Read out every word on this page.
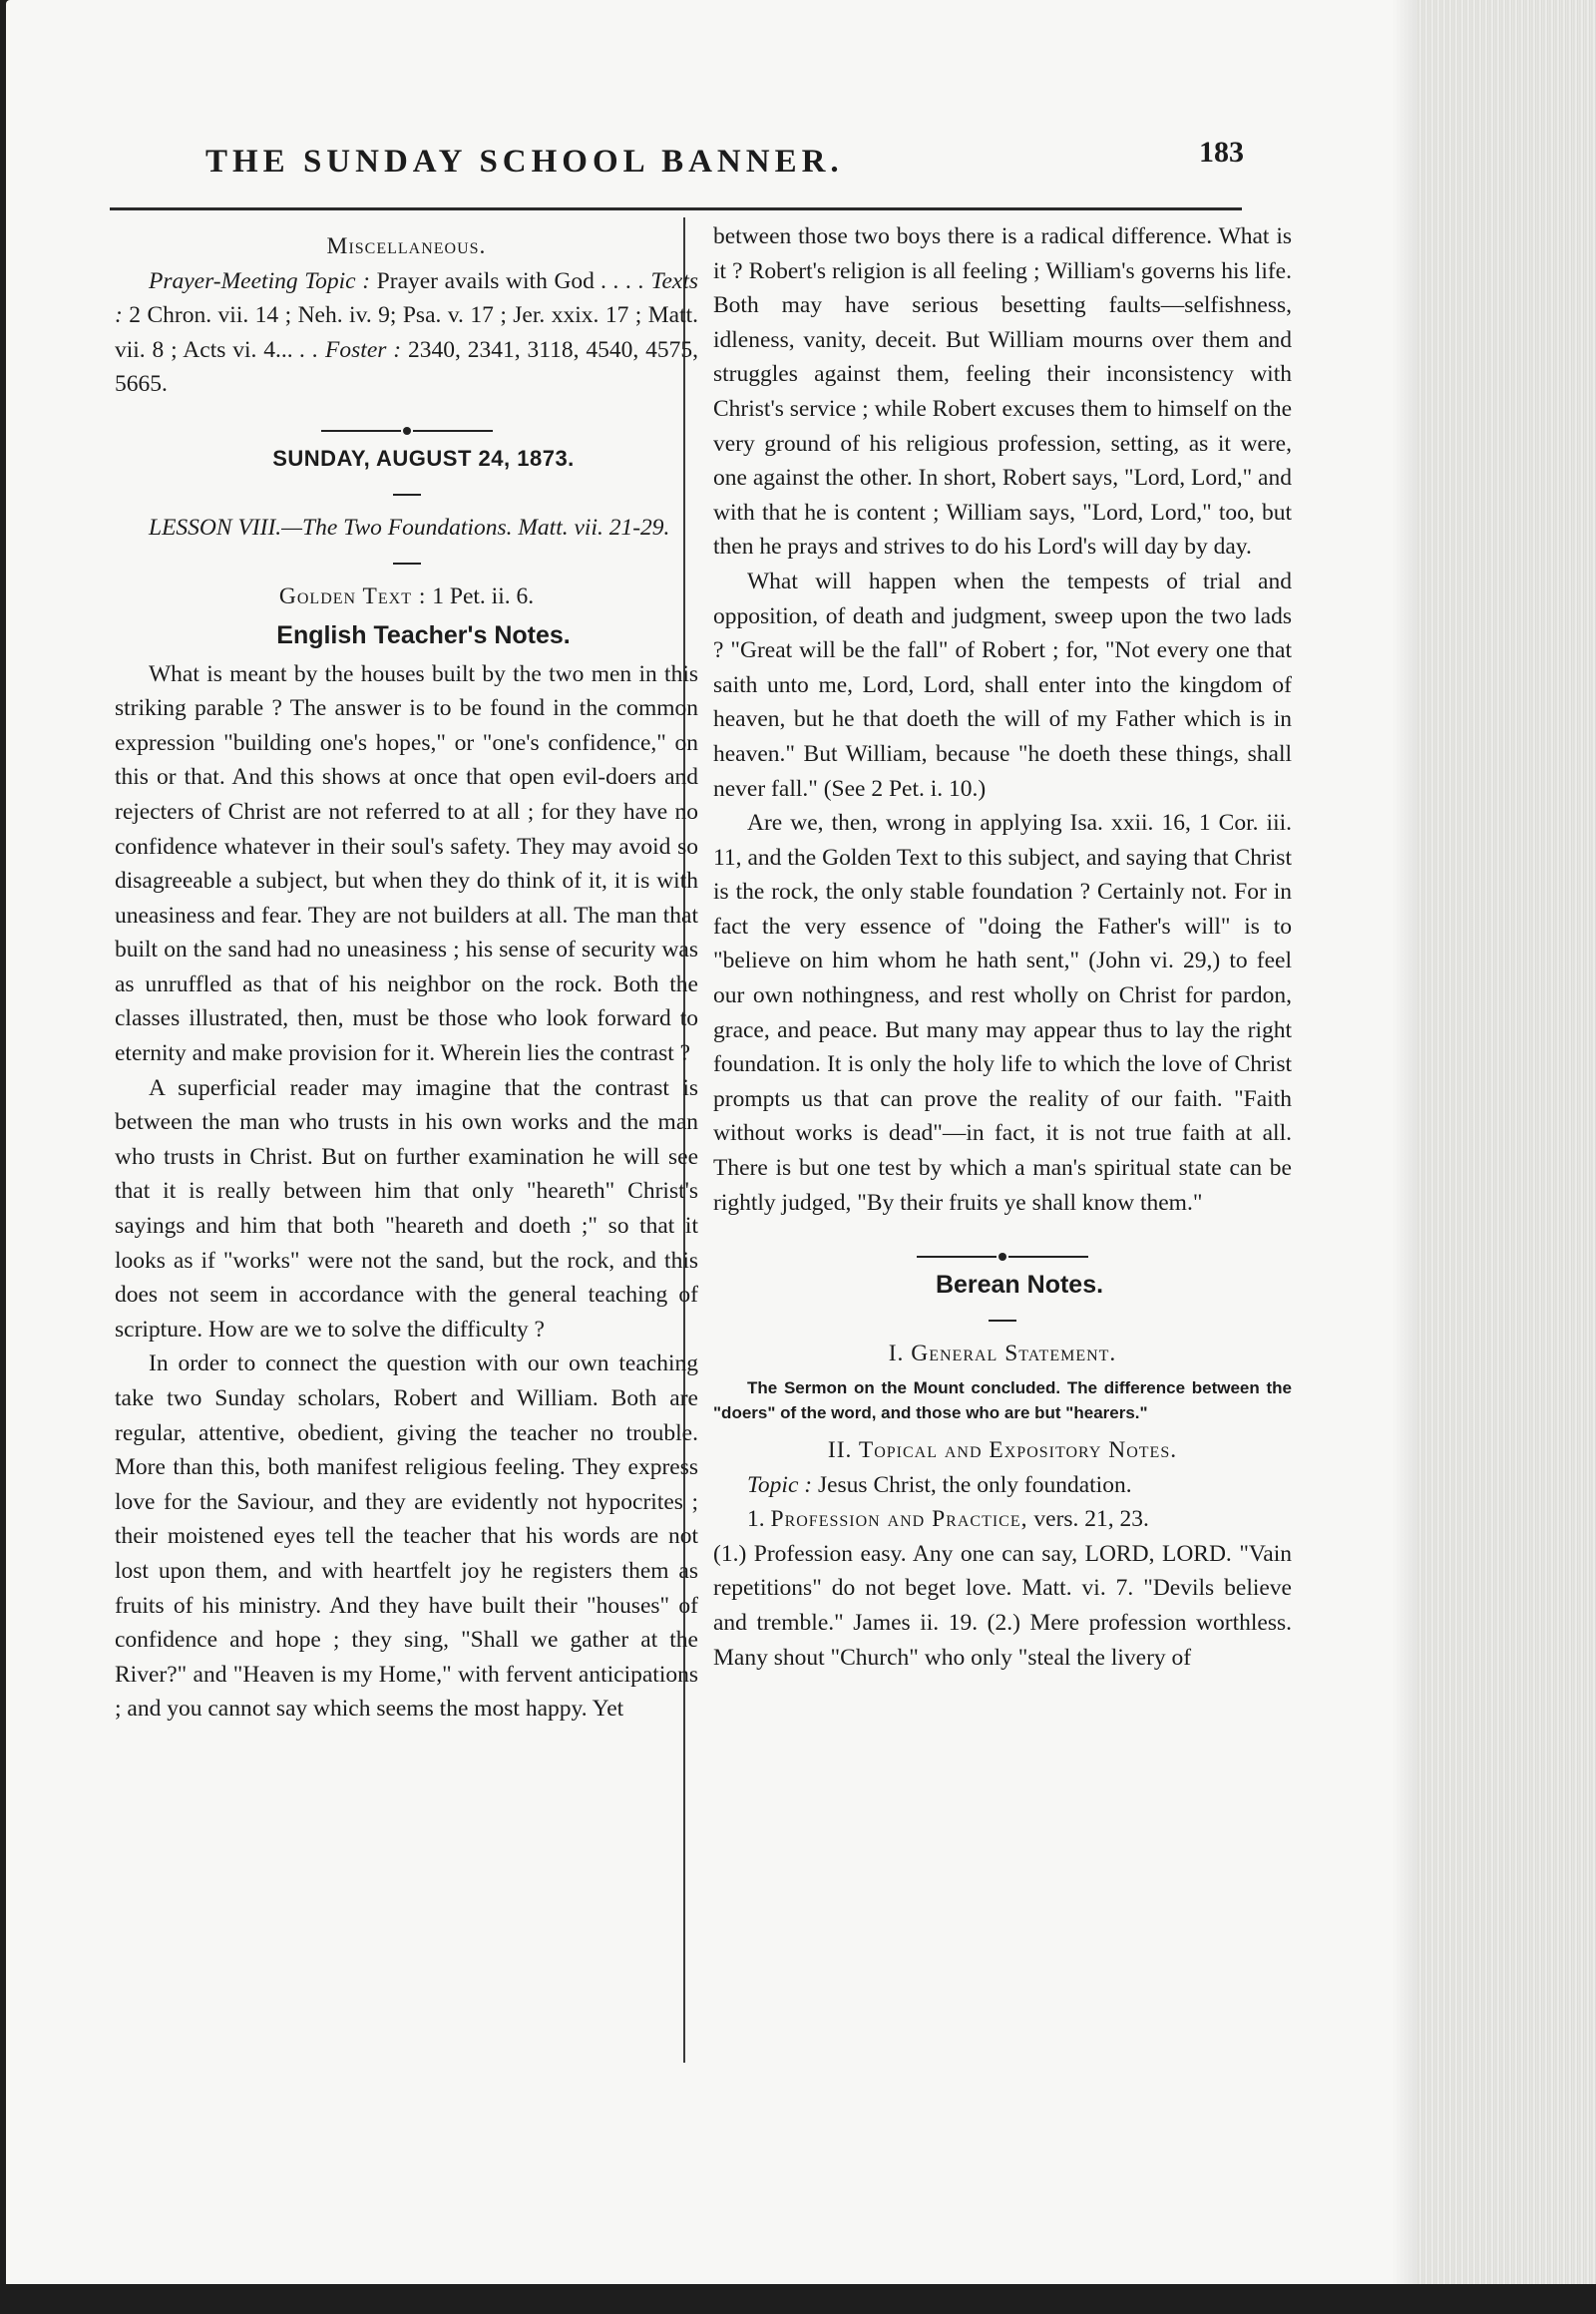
THE SUNDAY SCHOOL BANNER.	183

Miscellaneous.

Prayer-Meeting Topic : Prayer avails with God . . . . Texts : 2 Chron. vii. 14 ; Neh. iv. 9; Psa. v. 17 ; Jer. xxix. 17 ; Matt. vii. 8 ; Acts vi. 4... . . Foster : 2340, 2341, 3118, 4540, 4575, 5665.

SUNDAY, AUGUST 24, 1873.

LESSON VIII.—The Two Foundations. Matt. vii. 21-29.

Golden Text : 1 Pet. ii. 6.

English Teacher's Notes.

What is meant by the houses built by the two men in this striking parable ? The answer is to be found in the common expression "building one's hopes," or "one's confidence," on this or that. And this shows at once that open evil-doers and rejecters of Christ are not referred to at all ; for they have no confidence whatever in their soul's safety. They may avoid so disagreeable a subject, but when they do think of it, it is with uneasiness and fear. They are not builders at all. The man that built on the sand had no uneasiness ; his sense of security was as unruffled as that of his neighbor on the rock. Both the classes illustrated, then, must be those who look forward to eternity and make provision for it. Wherein lies the contrast ?

A superficial reader may imagine that the contrast is between the man who trusts in his own works and the man who trusts in Christ. But on further examination he will see that it is really between him that only "heareth" Christ's sayings and him that both "heareth and doeth ;" so that it looks as if "works" were not the sand, but the rock, and this does not seem in accordance with the general teaching of scripture. How are we to solve the difficulty ?

In order to connect the question with our own teaching take two Sunday scholars, Robert and William. Both are regular, attentive, obedient, giving the teacher no trouble. More than this, both manifest religious feeling. They express love for the Saviour, and they are evidently not hypocrites ; their moistened eyes tell the teacher that his words are not lost upon them, and with heartfelt joy he registers them as fruits of his ministry. And they have built their "houses" of confidence and hope ; they sing, "Shall we gather at the River?" and "Heaven is my Home," with fervent anticipations ; and you cannot say which seems the most happy. Yet

between those two boys there is a radical difference. What is it ? Robert's religion is all feeling ; William's governs his life. Both may have serious besetting faults—selfishness, idleness, vanity, deceit. But William mourns over them and struggles against them, feeling their inconsistency with Christ's service ; while Robert excuses them to himself on the very ground of his religious profession, setting, as it were, one against the other. In short, Robert says, "Lord, Lord," and with that he is content ; William says, "Lord, Lord," too, but then he prays and strives to do his Lord's will day by day.

What will happen when the tempests of trial and opposition, of death and judgment, sweep upon the two lads ? "Great will be the fall" of Robert ; for, "Not every one that saith unto me, Lord, Lord, shall enter into the kingdom of heaven, but he that doeth the will of my Father which is in heaven." But William, because "he doeth these things, shall never fall." (See 2 Pet. i. 10.)

Are we, then, wrong in applying Isa. xxii. 16, 1 Cor. iii. 11, and the Golden Text to this subject, and saying that Christ is the rock, the only stable foundation ? Certainly not. For in fact the very essence of "doing the Father's will" is to "believe on him whom he hath sent," (John vi. 29,) to feel our own nothingness, and rest wholly on Christ for pardon, grace, and peace. But many may appear thus to lay the right foundation. It is only the holy life to which the love of Christ prompts us that can prove the reality of our faith. "Faith without works is dead"—in fact, it is not true faith at all. There is but one test by which a man's spiritual state can be rightly judged, "By their fruits ye shall know them."

Berean Notes.

I. General Statement.

The Sermon on the Mount concluded. The difference between the "doers" of the word, and those who are but "hearers."

II. Topical and Expository Notes.

Topic : Jesus Christ, the only foundation.

1. Profession and Practice, vers. 21, 23.

(1.) Profession easy. Any one can say, LORD, LORD. "Vain repetitions" do not beget love. Matt. vi. 7. "Devils believe and tremble." James ii. 19. (2.) Mere profession worthless. Many shout "Church" who only "steal the livery of
